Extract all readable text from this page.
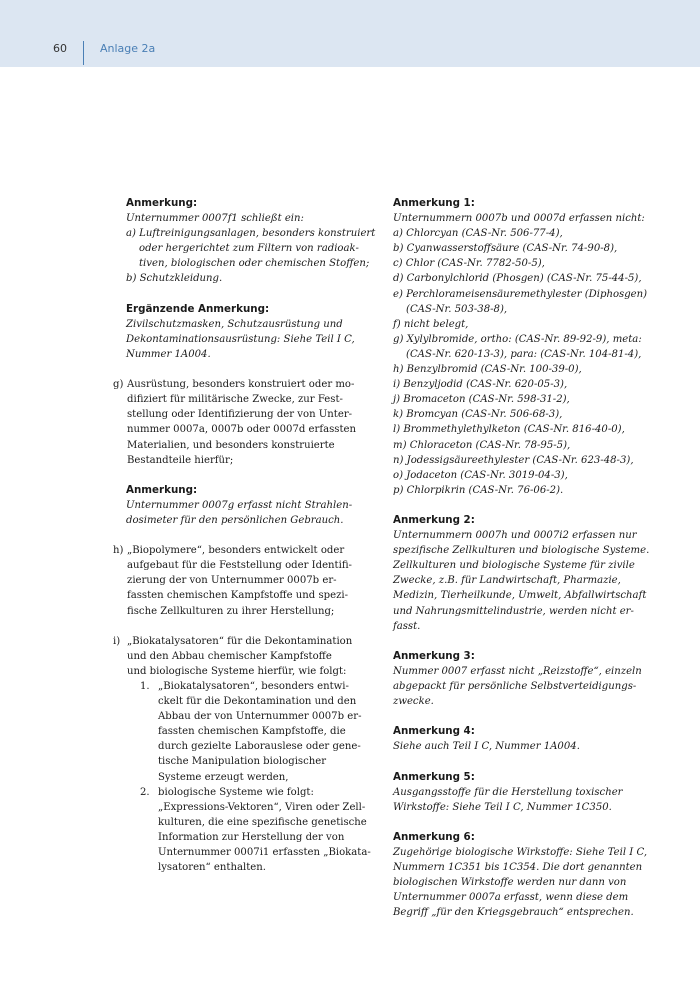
60	Anlage 2a
Anmerkung:
Unternummer 0007f1 schließt ein:
a) Luftreinigungsanlagen, besonders konstruiert
oder hergerichtet zum Filtern von radioak-
tiven, biologischen oder chemischen Stoffen;
b) Schutzkleidung.
Ergänzende Anmerkung:
Zivilschutzmasken, Schutzausrüstung und
Dekontaminationsausrüstung: Siehe Teil I C,
Nummer 1A004.
g) Ausrüstung, besonders konstruiert oder mo-
difiziert für militärische Zwecke, zur Fest-
stellung oder Identifizierung der von Unter-
nummer 0007a, 0007b oder 0007d erfassten
Materialien, und besonders konstruierte
Bestandteile hierfür;
Anmerkung:
Unternummer 0007g erfasst nicht Strahlen-
dosimeter für den persönlichen Gebrauch.
h) „Biopolymere“, besonders entwickelt oder
aufgebaut für die Feststellung oder Identifi-
zierung der von Unternummer 0007b er-
fassten chemischen Kampfstoffe und spezi-
fische Zellkulturen zu ihrer Herstellung;
i) „Biokatalysatoren“ für die Dekontamination
und den Abbau chemischer Kampfstoffe
und biologische Systeme hierfür, wie folgt:
1. „Biokatalysatoren“, besonders entwi-
ckelt für die Dekontamination und den
Abbau der von Unternummer 0007b er-
fassten chemischen Kampfstoffe, die
durch gezielte Laborauslese oder gene-
tische Manipulation biologischer
Systeme erzeugt werden,
2. biologische Systeme wie folgt:
„Expressions-Vektoren“, Viren oder Zell-
kulturen, die eine spezifische genetische
Information zur Herstellung der von
Unternummer 0007i1 erfassten „Biokata-
lysatoren“ enthalten.
Anmerkung 1:
Unternummern 0007b und 0007d erfassen nicht:
a) Chlorcyan (CAS-Nr. 506-77-4),
b) Cyanwasserstoffsäure (CAS-Nr. 74-90-8),
c) Chlor (CAS-Nr. 7782-50-5),
d) Carbonylchlorid (Phosgen) (CAS-Nr. 75-44-5),
e) Perchlorameisensäuremethylester (Diphosgen)
(CAS-Nr. 503-38-8),
f) nicht belegt,
g) Xylylbromide, ortho: (CAS-Nr. 89-92-9), meta:
(CAS-Nr. 620-13-3), para: (CAS-Nr. 104-81-4),
h) Benzylbromid (CAS-Nr. 100-39-0),
i) Benzyljodid (CAS-Nr. 620-05-3),
j) Bromaceton (CAS-Nr. 598-31-2),
k) Bromcyan (CAS-Nr. 506-68-3),
l) Brommethylethylketon (CAS-Nr. 816-40-0),
m) Chloraceton (CAS-Nr. 78-95-5),
n) Jodessigsäureethylester (CAS-Nr. 623-48-3),
o) Jodaceton (CAS-Nr. 3019-04-3),
p) Chlorpikrin (CAS-Nr. 76-06-2).
Anmerkung 2:
Unternummern 0007h und 0007i2 erfassen nur
spezifische Zellkulturen und biologische Systeme.
Zellkulturen und biologische Systeme für zivile
Zwecke, z.B. für Landwirtschaft, Pharmazie,
Medizin, Tierheilkunde, Umwelt, Abfallwirtschaft
und Nahrungsmittelindustrie, werden nicht er-
fasst.
Anmerkung 3:
Nummer 0007 erfasst nicht „Reizstoffe“, einzeln
abgepackt für persönliche Selbstverteidigungs-
zwecke.
Anmerkung 4:
Siehe auch Teil I C, Nummer 1A004.
Anmerkung 5:
Ausgangsstoffe für die Herstellung toxischer
Wirkstoffe: Siehe Teil I C, Nummer 1C350.
Anmerkung 6:
Zugehörige biologische Wirkstoffe: Siehe Teil I C,
Nummern 1C351 bis 1C354. Die dort genannten
biologischen Wirkstoffe werden nur dann von
Unternummer 0007a erfasst, wenn diese dem
Begriff „für den Kriegsgebrauch“ entsprechen.
